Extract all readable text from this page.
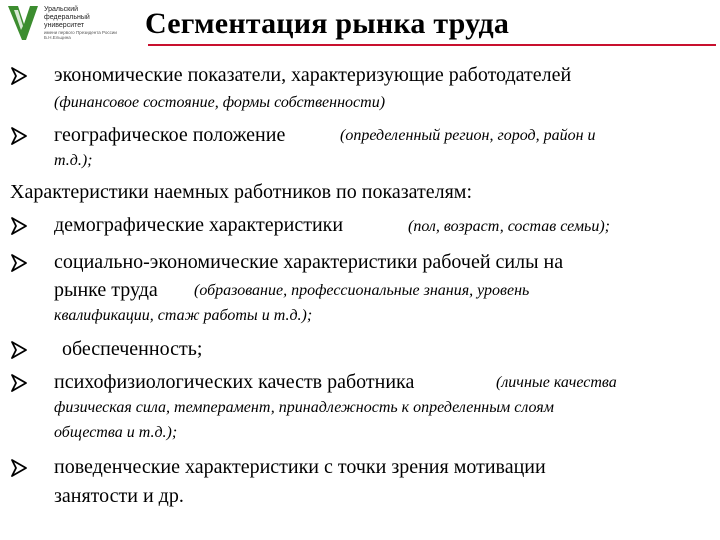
Уральский
федеральный
университет
имени первого Президента России Б.Н.Ельцина	Сегментация рынка труда
экономические показатели, характеризующие работодателей
(финансовое состояние, формы собственности)
географическое положение	(определенный регион, город, район и
т.д.);
Характеристики наемных работников по показателям:
демографические характеристики	(пол, возраст, состав семьи);
социально-экономические характеристики рабочей силы на
рынке труда (образование, профессиональные знания, уровень
квалификации, стаж работы и т.д.);
обеспеченность;
психофизиологических качеств работника	(личные качества
физическая сила, темперамент, принадлежность к определенным слоям
общества и т.д.);
поведенческие характеристики с точки зрения мотивации
занятости и др.
